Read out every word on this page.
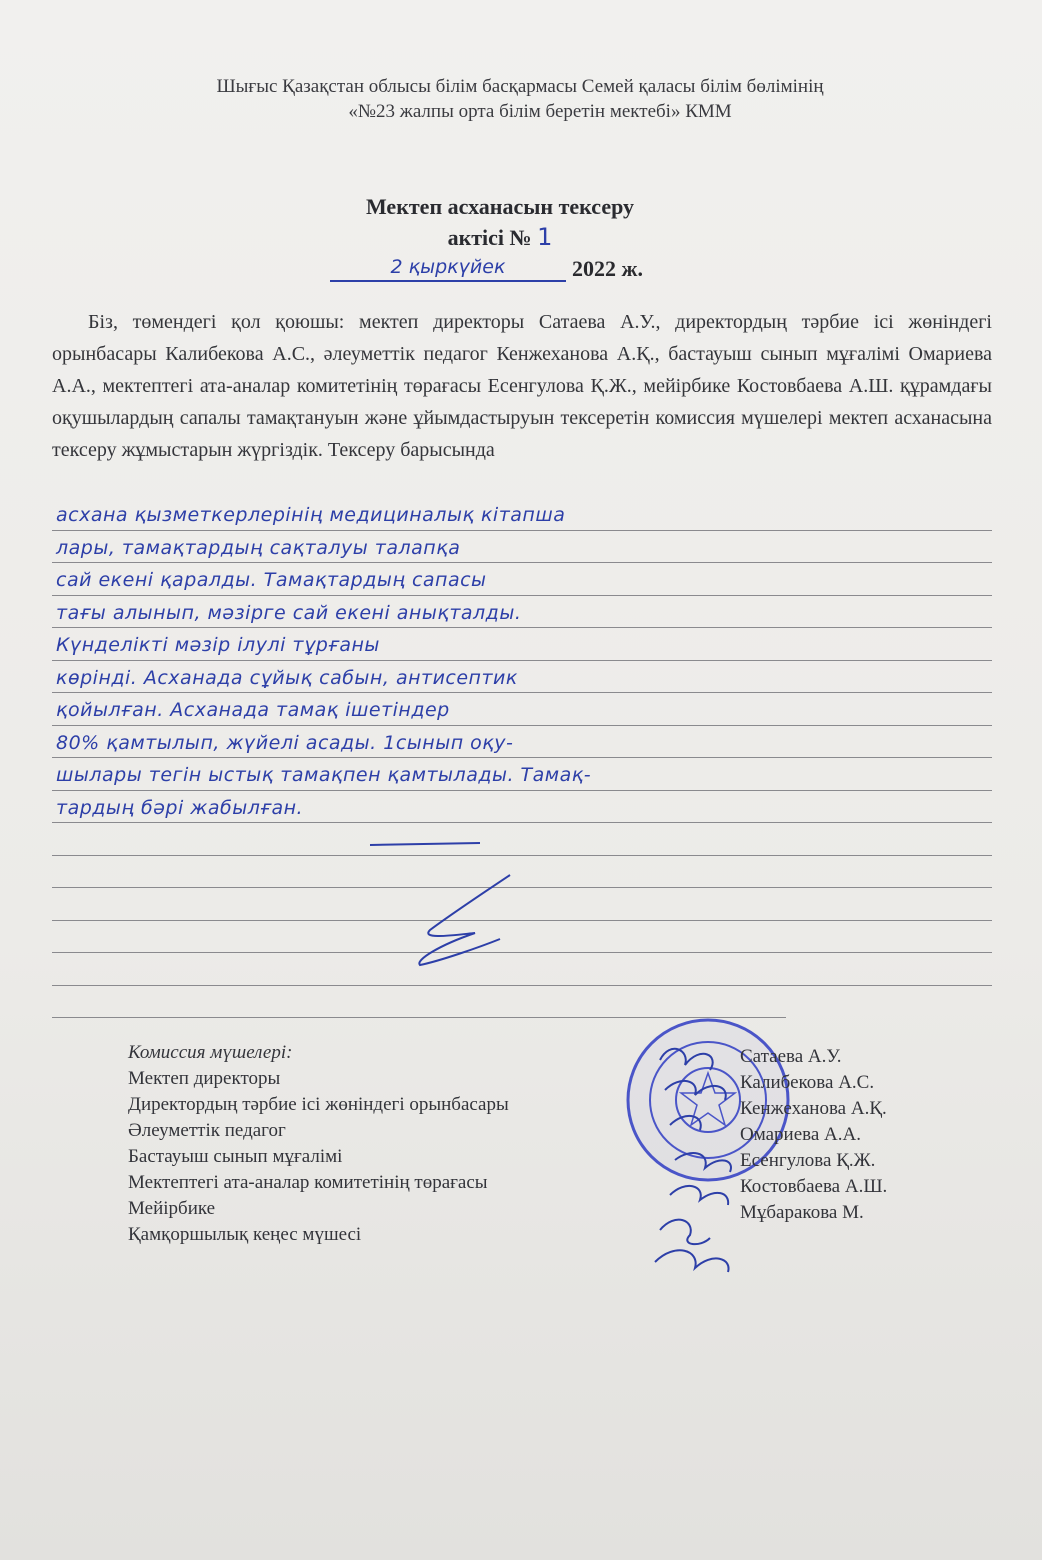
Шығыс Қазақстан облысы білім басқармасы Семей қаласы білім бөлімінің
«№23 жалпы орта білім беретін мектебі» КММ
Мектеп асханасын тексеру
актісі № 1
2 қыркүйек	2022 ж.
Біз, төмендегі қол қоюшы: мектеп директоры Сатаева А.У., директордың тәрбие ісі жөніндегі орынбасары Калибекова А.С., әлеуметтік педагог Кенжеханова А.Қ., бастауыш сынып мұғалімі Омариева А.А., мектептегі ата-аналар комитетінің төрағасы Есенгулова Қ.Ж., мейірбике Костовбаева А.Ш. құрамдағы оқушылардың сапалы тамақтануын және ұйымдастыруын тексеретін комиссия мүшелері мектеп асханасына тексеру жұмыстарын жүргіздік. Тексеру барысында
асхана қызметкерлерінің медициналық кітапша
лары, тамақтардың сақталуы талапқа
сай екені қаралды. Тамақтардың сапасы
тағы алынып, мәзірге сай екені анықталды.
Күнделікті мәзір ілулі тұрғаны
көрінді. Асханада сұйық сабын, антисептик
қойылған. Асханада тамақ ішетіндер
80% қамтылып, жүйелі асады. 1сынып оқу-
шылары тегін ыстық тамақпен қамтылады. Тамақ-
тардың бәрі жабылған.
Комиссия мүшелері:
Мектеп директоры
Директордың тәрбие ісі жөніндегі орынбасары
Әлеуметтік педагог
Бастауыш сынып мұғалімі
Мектептегі ата-аналар комитетінің төрағасы
Мейірбике
Қамқоршылық кеңес мүшесі
Сатаева А.У.
Калибекова А.С.
Кенжеханова А.Қ.
Омариева А.А.
Есенгулова Қ.Ж.
Костовбаева А.Ш.
Мұбаракова М.
